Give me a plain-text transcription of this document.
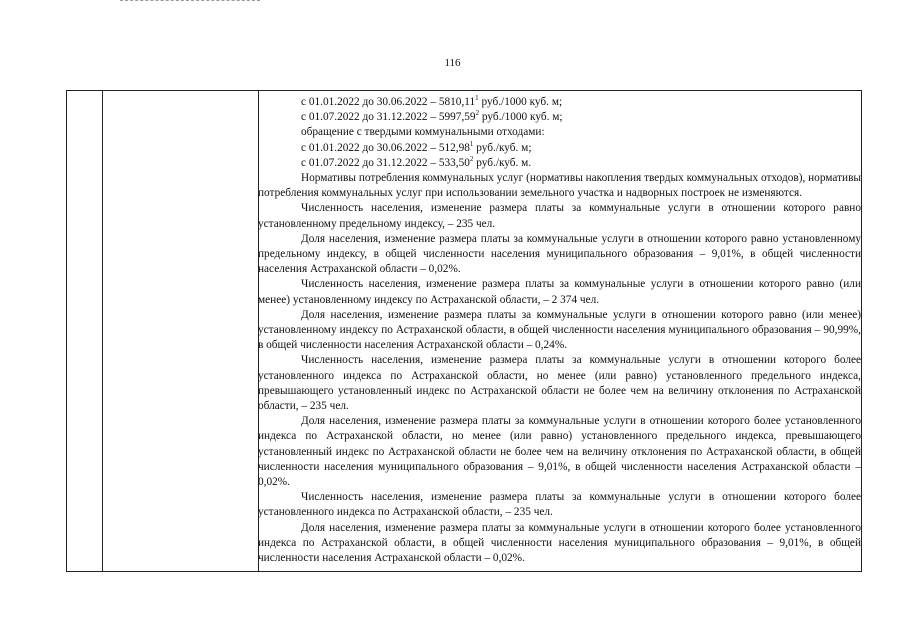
116

с 01.01.2022 до 30.06.2022 – 5810,11$^1$ руб./1000 куб. м;

с 01.07.2022 до 31.12.2022 – 5997,59$^2$ руб./1000 куб. м;

обращение с твердыми коммунальными отходами:

с 01.01.2022 до 30.06.2022 – 512,98$^1$ руб./куб. м;

с 01.07.2022 до 31.12.2022 – 533,50$^2$ руб./куб. м.

Нормативы потребления коммунальных услуг (нормативы накопления твердых коммунальных отходов), нормативы потребления коммунальных услуг при использовании земельного участка и надворных построек не изменяются.

Численность населения, изменение размера платы за коммунальные услуги в отношении которого равно установленному предельному индексу, – 235 чел.

Доля населения, изменение размера платы за коммунальные услуги в отношении которого равно установленному предельному индексу, в общей численности населения муниципального образования – 9,01%, в общей численности населения Астраханской области – 0,02%.

Численность населения, изменение размера платы за коммунальные услуги в отношении которого равно (или менее) установленному индексу по Астраханской области, – 2 374 чел.

Доля населения, изменение размера платы за коммунальные услуги в отношении которого равно (или менее) установленному индексу по Астраханской области, в общей численности населения муниципального образования – 90,99%, в общей численности населения Астраханской области – 0,24%.

Численность населения, изменение размера платы за коммунальные услуги в отношении которого более установленного индекса по Астраханской области, но менее (или равно) установленного предельного индекса, превышающего установленный индекс по Астраханской области не более чем на величину отклонения по Астраханской области, – 235 чел.

Доля населения, изменение размера платы за коммунальные услуги в отношении которого более установленного индекса по Астраханской области, но менее (или равно) установленного предельного индекса, превышающего установленный индекс по Астраханской области не более чем на величину отклонения по Астраханской области, в общей численности населения муниципального образования – 9,01%, в общей численности населения Астраханской области – 0,02%.

Численность населения, изменение размера платы за коммунальные услуги в отношении которого более установленного индекса по Астраханской области, – 235 чел.

Доля населения, изменение размера платы за коммунальные услуги в отношении которого более установленного индекса по Астраханской области, в общей численности населения муниципального образования – 9,01%, в общей численности населения Астраханской области – 0,02%.
